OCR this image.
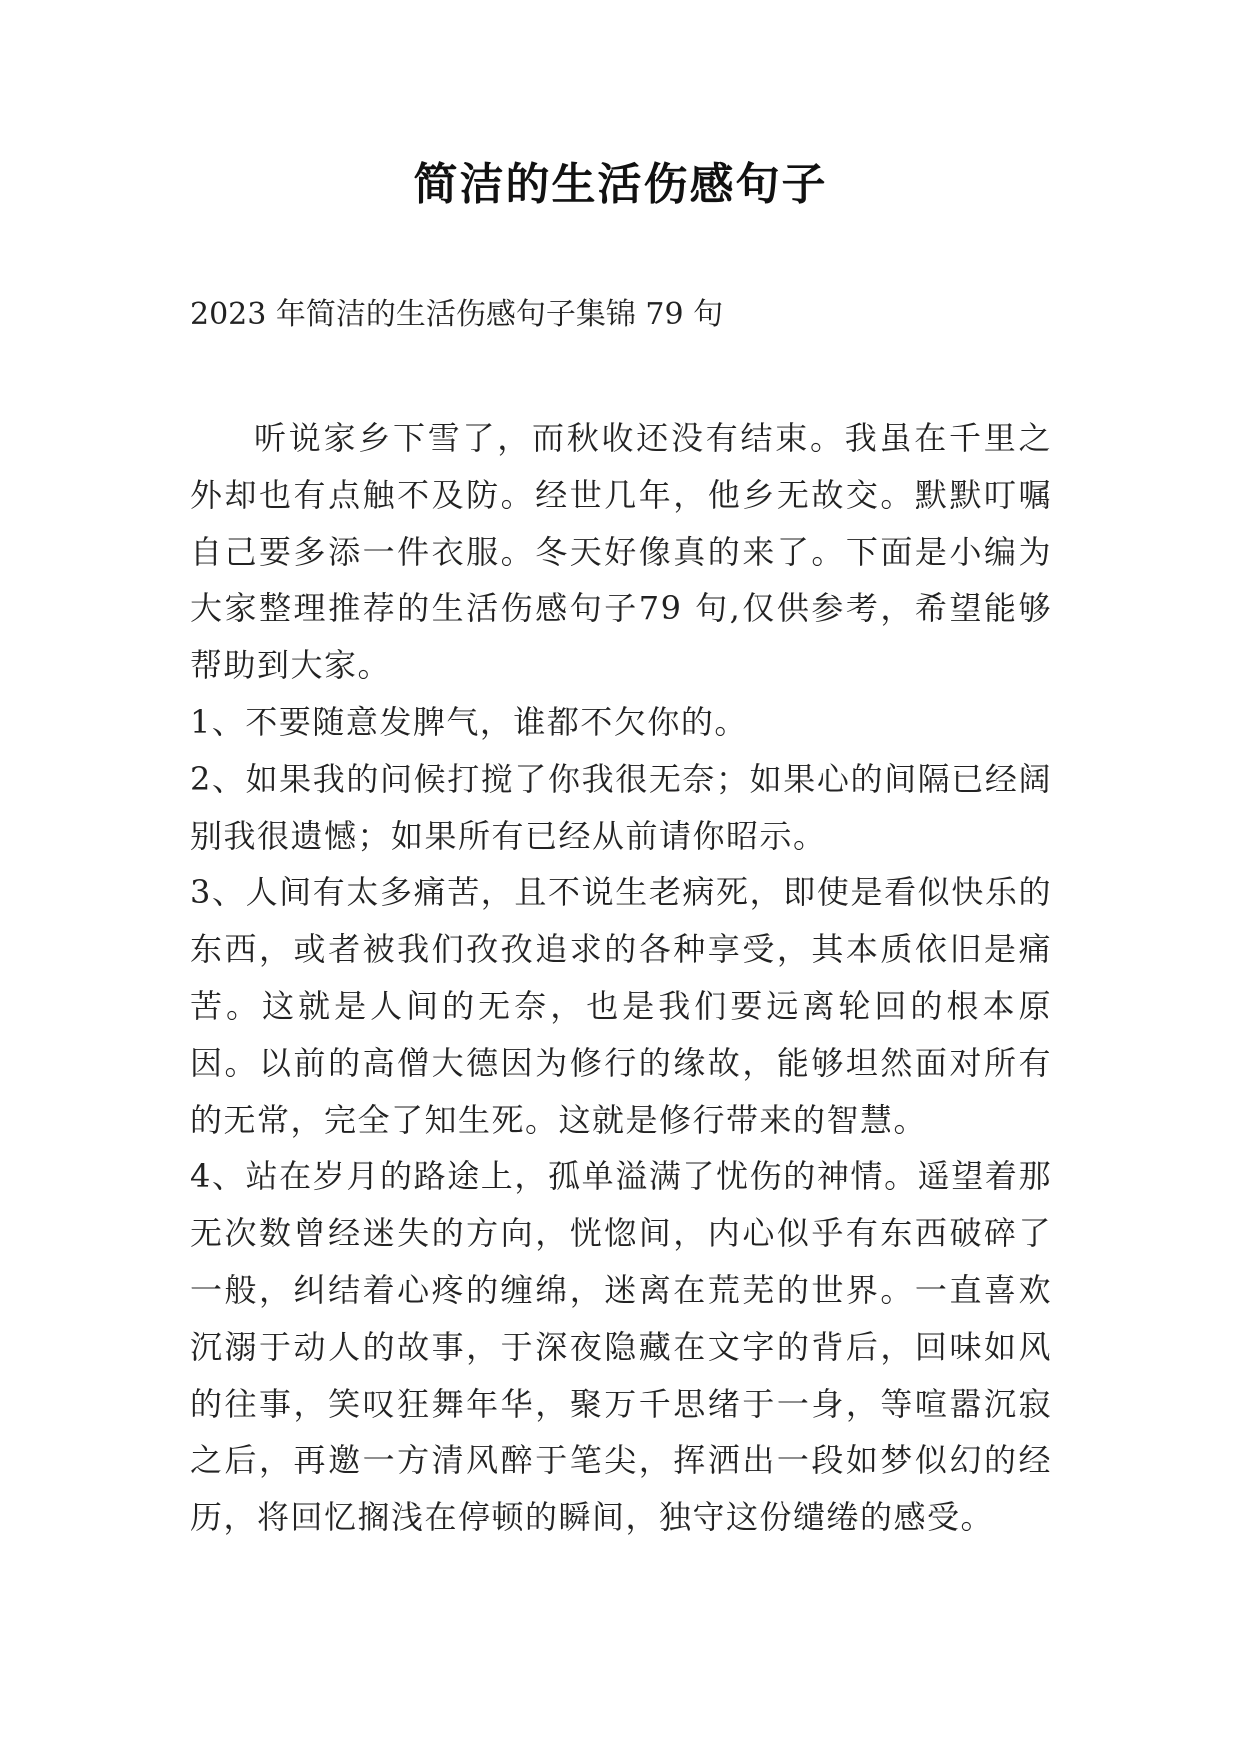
简洁的生活伤感句子
2023 年简洁的生活伤感句子集锦 79 句

听说家乡下雪了，而秋收还没有结束。我虽在千里之外却也有点触不及防。经世几年，他乡无故交。默默叮嘱自己要多添一件衣服。冬天好像真的来了。下面是小编为大家整理推荐的生活伤感句子79 句,仅供参考，希望能够帮助到大家。

1、不要随意发脾气，谁都不欠你的。

2、如果我的问候打搅了你我很无奈；如果心的间隔已经阔别我很遗憾；如果所有已经从前请你昭示。

3、人间有太多痛苦，且不说生老病死，即使是看似快乐的东西，或者被我们孜孜追求的各种享受，其本质依旧是痛苦。这就是人间的无奈，也是我们要远离轮回的根本原因。以前的高僧大德因为修行的缘故，能够坦然面对所有的无常，完全了知生死。这就是修行带来的智慧。

4、站在岁月的路途上，孤单溢满了忧伤的神情。遥望着那无次数曾经迷失的方向，恍惚间，内心似乎有东西破碎了一般，纠结着心疼的缠绵，迷离在荒芜的世界。一直喜欢沉溺于动人的故事，于深夜隐藏在文字的背后，回味如风的往事，笑叹狂舞年华，聚万千思绪于一身，等喧嚣沉寂之后，再邀一方清风醉于笔尖，挥洒出一段如梦似幻的经历，将回忆搁浅在停顿的瞬间，独守这份缱绻的感受。
